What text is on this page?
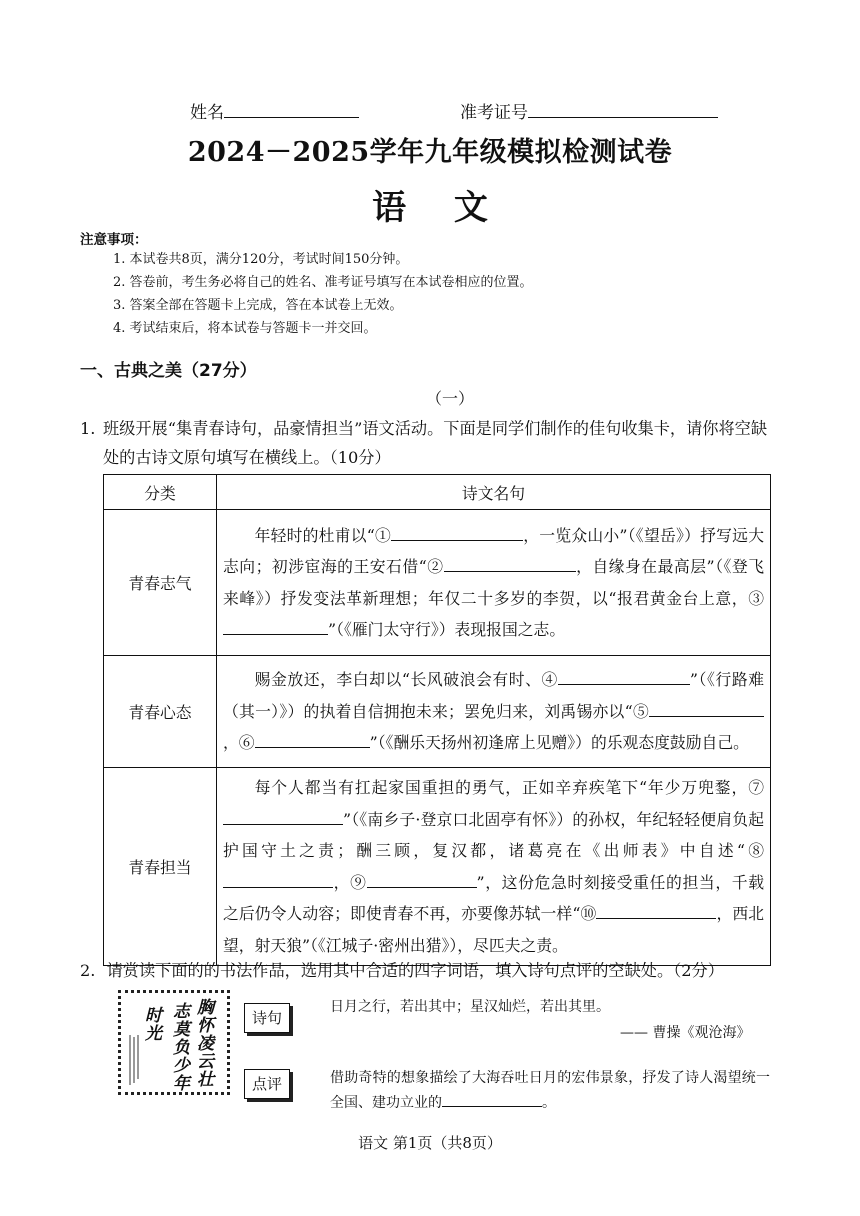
姓名	准考证号
2024－2025学年九年级模拟检测试卷
语 文
注意事项：
1. 本试卷共8页，满分120分，考试时间150分钟。
2. 答卷前，考生务必将自己的姓名、准考证号填写在本试卷相应的位置。
3. 答案全部在答题卡上完成，答在本试卷上无效。
4. 考试结束后，将本试卷与答题卡一并交回。
一、古典之美（27分）
（一）
1. 班级开展“集青春诗句，品豪情担当”语文活动。下面是同学们制作的佳句收集卡，请你将空缺处的古诗文原句填写在横线上。（10分）
分类	诗文名句
青春志气	年轻时的杜甫以“① ，一览众山小”（《望岳》）抒写远大志向；初涉宦海的王安石借“② ，自缘身在最高层”（《登飞来峰》）抒发变法革新理想；年仅二十多岁的李贺，以“报君黄金台上意，③”（《雁门太守行》）表现报国之志。
青春心态	赐金放还，李白却以“长风破浪会有时、④ ”（《行路难（其一）》）的执着自信拥抱未来；罢免归来，刘禹锡亦以“⑤，⑥ ”（《酬乐天扬州初逢席上见赠》）的乐观态度鼓励自己。
青春担当	每个人都当有扛起家国重担的勇气，正如辛弃疾笔下“年少万兜鍪，⑦”（《南乡子·登京口北固亭有怀》）的孙权，年纪轻轻便肩负起护国守土之责；酬三顾，复汉都，诸葛亮在《出师表》中自述“⑧，⑨ ”，这份危急时刻接受重任的担当，千载之后仍令人动容；即使青春不再，亦要像苏轼一样“⑩ ，西北望，射天狼”（《江城子·密州出猎》），尽匹夫之责。
2. 请赏读下面的的书法作品，选用其中合适的四字词语，填入诗句点评的空缺处。（2分）
胸怀凌云壮
志莫负少年
时光
诗句
点评
日月之行，若出其中；星汉灿烂，若出其里。
—— 曹操《观沧海》
借助奇特的想象描绘了大海吞吐日月的宏伟景象，抒发了诗人渴望统一全国、建功立业的	。
语文 第1页（共8页）
